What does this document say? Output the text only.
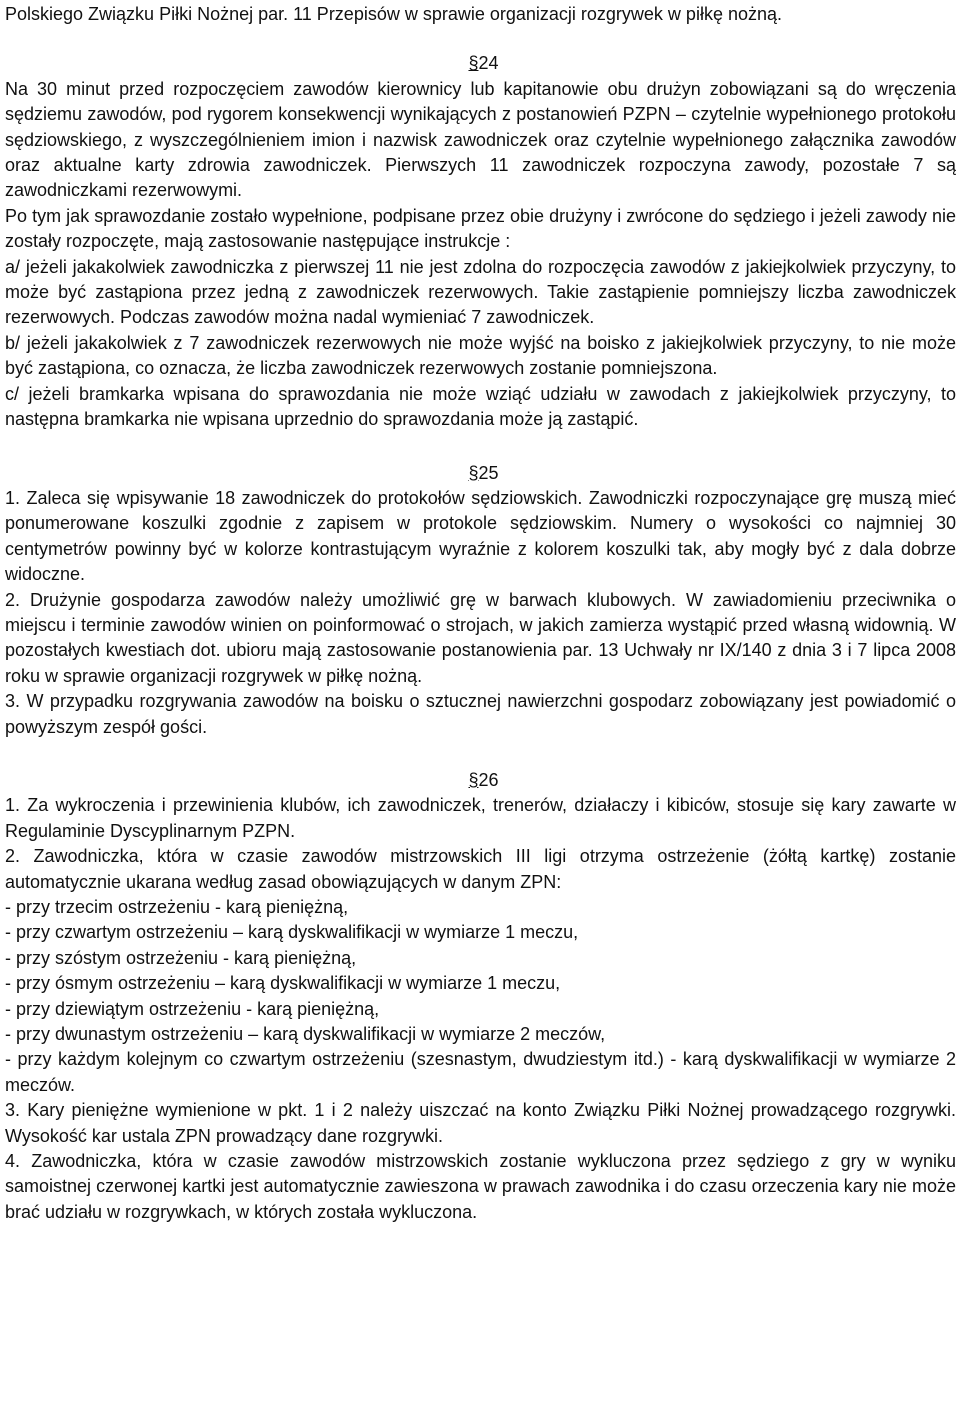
Polskiego Związku Piłki Nożnej par. 11 Przepisów w sprawie organizacji rozgrywek w piłkę nożną.

§24

Na 30 minut przed rozpoczęciem zawodów kierownicy lub kapitanowie obu drużyn zobowiązani są do wręczenia sędziemu zawodów, pod rygorem konsekwencji wynikających z postanowień PZPN – czytelnie wypełnionego protokołu sędziowskiego, z wyszczególnieniem imion i nazwisk zawodniczek oraz czytelnie wypełnionego załącznika zawodów oraz aktualne karty zdrowia zawodniczek. Pierwszych 11 zawodniczek rozpoczyna zawody, pozostałe 7 są zawodniczkami rezerwowymi.

Po tym jak sprawozdanie zostało wypełnione, podpisane przez obie drużyny i zwrócone do sędziego i jeżeli zawody nie zostały rozpoczęte, mają zastosowanie następujące instrukcje :

a/ jeżeli jakakolwiek zawodniczka z pierwszej 11 nie jest zdolna do rozpoczęcia zawodów z jakiejkolwiek przyczyny, to może być zastąpiona przez jedną z zawodniczek rezerwowych. Takie zastąpienie pomniejszy liczba zawodniczek rezerwowych. Podczas zawodów można nadal wymieniać 7 zawodniczek.

b/ jeżeli jakakolwiek z 7 zawodniczek rezerwowych nie może wyjść na boisko z jakiejkolwiek przyczyny, to nie może być zastąpiona, co oznacza, że liczba zawodniczek rezerwowych zostanie pomniejszona.

c/ jeżeli bramkarka wpisana do sprawozdania nie może wziąć udziału w zawodach z jakiejkolwiek przyczyny, to następna bramkarka nie wpisana uprzednio do sprawozdania może ją zastąpić.

§25

1. Zaleca się wpisywanie 18 zawodniczek do protokołów sędziowskich. Zawodniczki rozpoczynające grę muszą mieć ponumerowane koszulki zgodnie z zapisem w protokole sędziowskim. Numery o wysokości co najmniej 30 centymetrów powinny być w kolorze kontrastującym wyraźnie z kolorem koszulki tak, aby mogły być z dala dobrze widoczne.

2. Drużynie gospodarza zawodów należy umożliwić grę w barwach klubowych. W zawiadomieniu przeciwnika o miejscu i terminie zawodów winien on poinformować o strojach, w jakich zamierza wystąpić przed własną widownią. W pozostałych kwestiach dot. ubioru mają zastosowanie postanowienia par. 13 Uchwały nr IX/140 z dnia 3 i 7 lipca 2008 roku w sprawie organizacji rozgrywek w piłkę nożną.

3. W przypadku rozgrywania zawodów na boisku o sztucznej nawierzchni gospodarz zobowiązany jest powiadomić o powyższym zespół gości.

§26

1. Za wykroczenia i przewinienia klubów, ich zawodniczek, trenerów, działaczy i kibiców, stosuje się kary zawarte w Regulaminie Dyscyplinarnym PZPN.

2. Zawodniczka, która w czasie zawodów mistrzowskich III ligi otrzyma ostrzeżenie (żółtą kartkę) zostanie automatycznie ukarana według zasad obowiązujących w danym ZPN:

- przy trzecim ostrzeżeniu - karą pieniężną,

- przy czwartym ostrzeżeniu – karą dyskwalifikacji w wymiarze 1 meczu,

- przy szóstym ostrzeżeniu - karą pieniężną,

- przy ósmym ostrzeżeniu – karą dyskwalifikacji w wymiarze 1 meczu,

- przy dziewiątym ostrzeżeniu - karą pieniężną,

- przy dwunastym ostrzeżeniu – karą dyskwalifikacji w wymiarze 2 meczów,

- przy każdym kolejnym co czwartym ostrzeżeniu (szesnastym, dwudziestym itd.) - karą dyskwalifikacji w wymiarze 2 meczów.

3. Kary pieniężne wymienione w pkt. 1 i 2 należy uiszczać na konto Związku Piłki Nożnej prowadzącego rozgrywki. Wysokość kar ustala ZPN prowadzący dane rozgrywki.

4. Zawodniczka, która w czasie zawodów mistrzowskich zostanie wykluczona przez sędziego z gry w wyniku samoistnej czerwonej kartki jest automatycznie zawieszona w prawach zawodnika i do czasu orzeczenia kary nie może brać udziału w rozgrywkach, w których została wykluczona.
